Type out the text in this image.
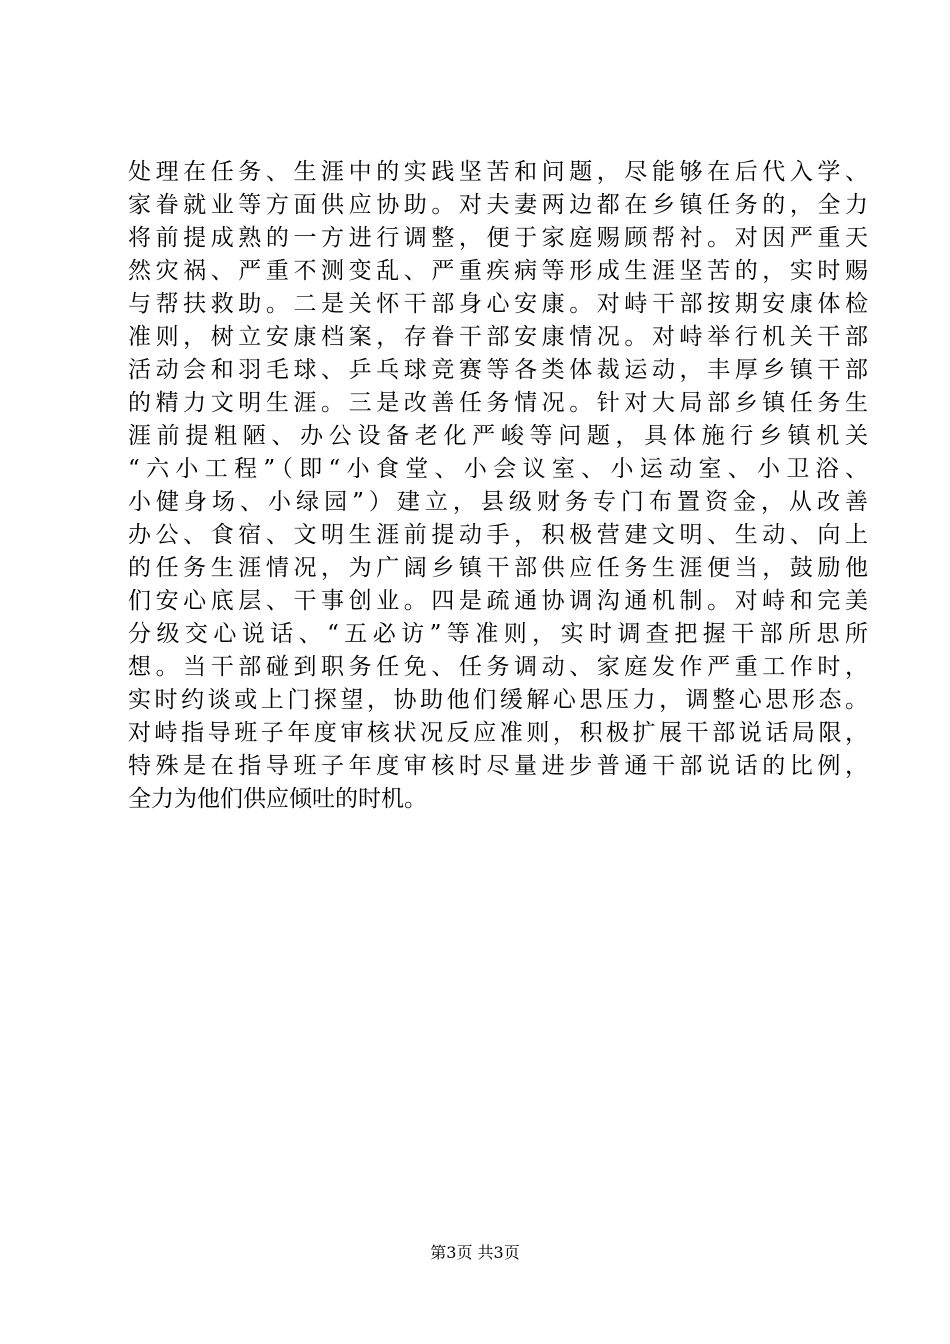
处理在任务、生涯中的实践坚苦和问题，尽能够在后代入学、
家眷就业等方面供应协助。对夫妻两边都在乡镇任务的，全力
将前提成熟的一方进行调整，便于家庭赐顾帮衬。对因严重天
然灾祸、严重不测变乱、严重疾病等形成生涯坚苦的，实时赐
与帮扶救助。二是关怀干部身心安康。对峙干部按期安康体检
准则，树立安康档案，存眷干部安康情况。对峙举行机关干部
活动会和羽毛球、乒乓球竞赛等各类体裁运动，丰厚乡镇干部
的精力文明生涯。三是改善任务情况。针对大局部乡镇任务生
涯前提粗陋、办公设备老化严峻等问题，具体施行乡镇机关
“六小工程”（即“小食堂、小会议室、小运动室、小卫浴、
小健身场、小绿园”）建立，县级财务专门布置资金，从改善
办公、食宿、文明生涯前提动手，积极营建文明、生动、向上
的任务生涯情况，为广阔乡镇干部供应任务生涯便当，鼓励他
们安心底层、干事创业。四是疏通协调沟通机制。对峙和完美
分级交心说话、“五必访”等准则，实时调查把握干部所思所
想。当干部碰到职务任免、任务调动、家庭发作严重工作时，
实时约谈或上门探望，协助他们缓解心思压力，调整心思形态。
对峙指导班子年度审核状况反应准则，积极扩展干部说话局限，
特殊是在指导班子年度审核时尽量进步普通干部说话的比例，
全力为他们供应倾吐的时机。
第3页 共3页
